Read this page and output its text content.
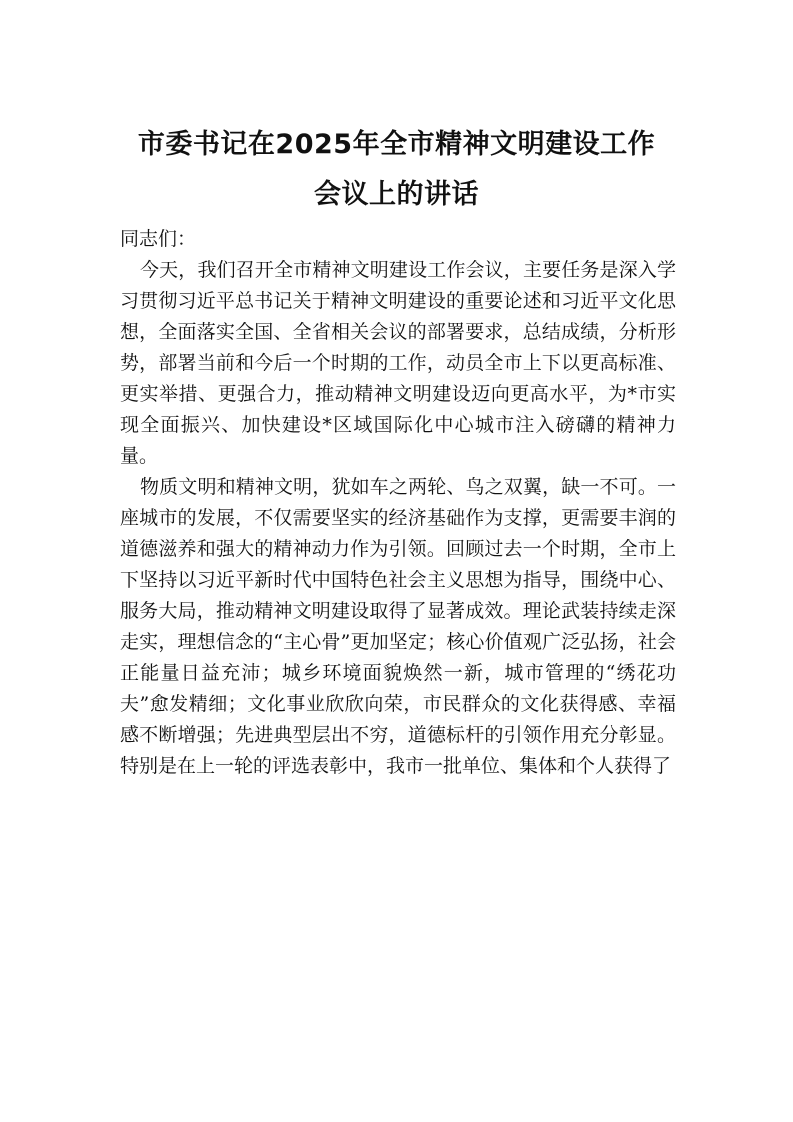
市委书记在2025年全市精神文明建设工作
会议上的讲话

同志们：

今天，我们召开全市精神文明建设工作会议，主要任务是深入学习贯彻习近平总书记关于精神文明建设的重要论述和习近平文化思想，全面落实全国、全省相关会议的部署要求，总结成绩，分析形势，部署当前和今后一个时期的工作，动员全市上下以更高标准、更实举措、更强合力，推动精神文明建设迈向更高水平，为*市实现全面振兴、加快建设*区域国际化中心城市注入磅礴的精神力量。

物质文明和精神文明，犹如车之两轮、鸟之双翼，缺一不可。一座城市的发展，不仅需要坚实的经济基础作为支撑，更需要丰润的道德滋养和强大的精神动力作为引领。回顾过去一个时期，全市上下坚持以习近平新时代中国特色社会主义思想为指导，围绕中心、服务大局，推动精神文明建设取得了显著成效。理论武装持续走深走实，理想信念的“主心骨”更加坚定；核心价值观广泛弘扬，社会正能量日益充沛；城乡环境面貌焕然一新，城市管理的“绣花功夫”愈发精细；文化事业欣欣向荣，市民群众的文化获得感、幸福感不断增强；先进典型层出不穷，道德标杆的引领作用充分彰显。特别是在上一轮的评选表彰中，我市一批单位、集体和个人获得了
